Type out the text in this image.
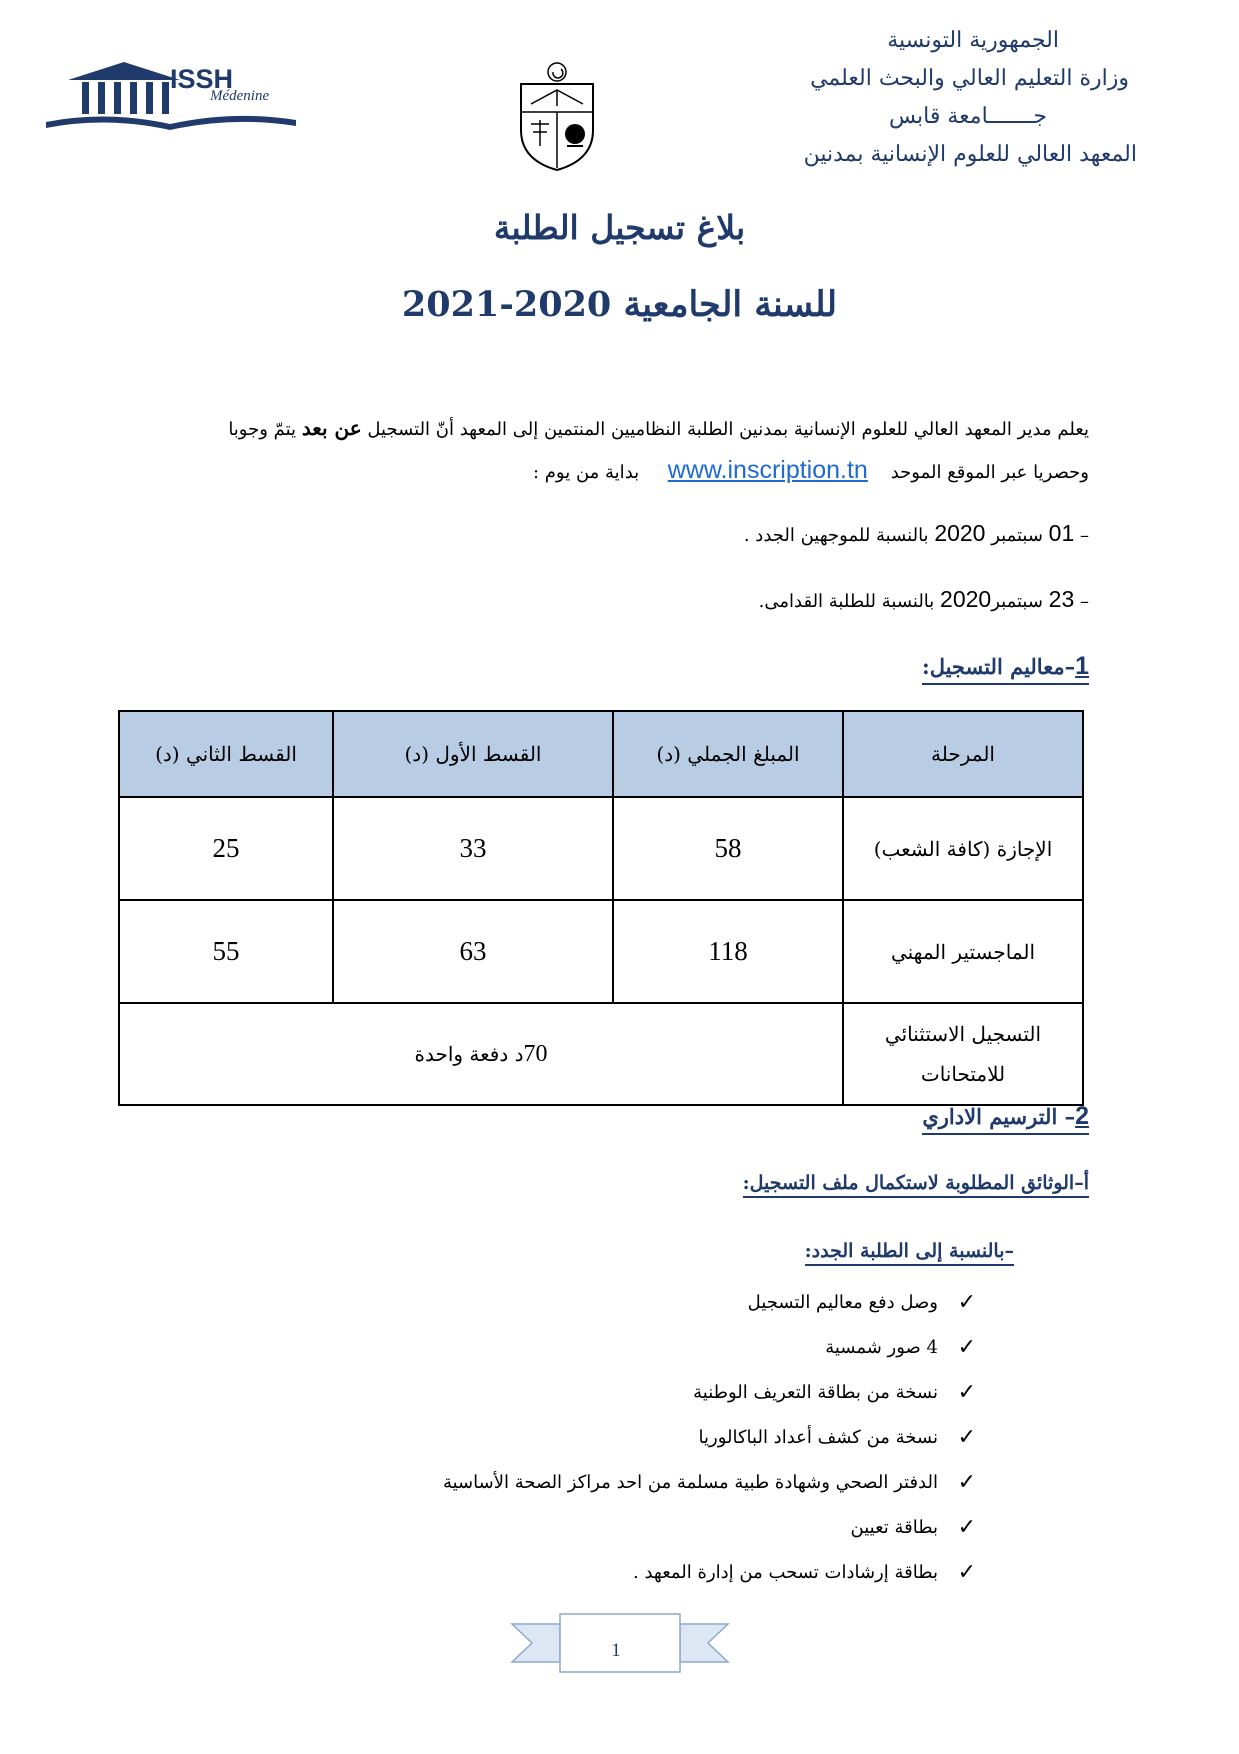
الجمهورية التونسية
وزارة التعليم العالي والبحث العلمي
جـــــــامعة قابس
المعهد العالي للعلوم الإنسانية بمدنين
ISSH
Médenine
بلاغ تسجيل الطلبة
للسنة الجامعية 2020-2021
يعلم مدير المعهد العالي للعلوم الإنسانية بمدنين الطلبة النظاميين المنتمين إلى المعهد أنّ التسجيل عن بعد يتمّ وجوبا
وحصريا عبر الموقع الموحد    www.inscription.tn     بداية من يوم :
– 01 سبتمبر 2020 بالنسبة للموجهين الجدد .
– 23 سبتمبر2020 بالنسبة للطلبة القدامى.
1–معاليم التسجيل:
المرحلة	المبلغ الجملي (د)	القسط الأول (د)	القسط الثاني (د)
الإجازة (كافة الشعب)	58	33	25
الماجستير المهني	118	63	55
التسجيل الاستثنائي
للامتحانات	70د دفعة واحدة		
2– الترسيم الاداري
أ–الوثائق المطلوبة لاستكمال ملف التسجيل:
–بالنسبة إلى الطلبة الجدد:
✓
وصل دفع معاليم التسجيل
✓
4 صور شمسية
✓
نسخة من بطاقة التعريف الوطنية
✓
نسخة من كشف أعداد الباكالوريا
✓
الدفتر الصحي وشهادة طبية مسلمة من احد مراكز الصحة الأساسية
✓
بطاقة تعيين
✓
بطاقة إرشادات تسحب من إدارة المعهد .
1
